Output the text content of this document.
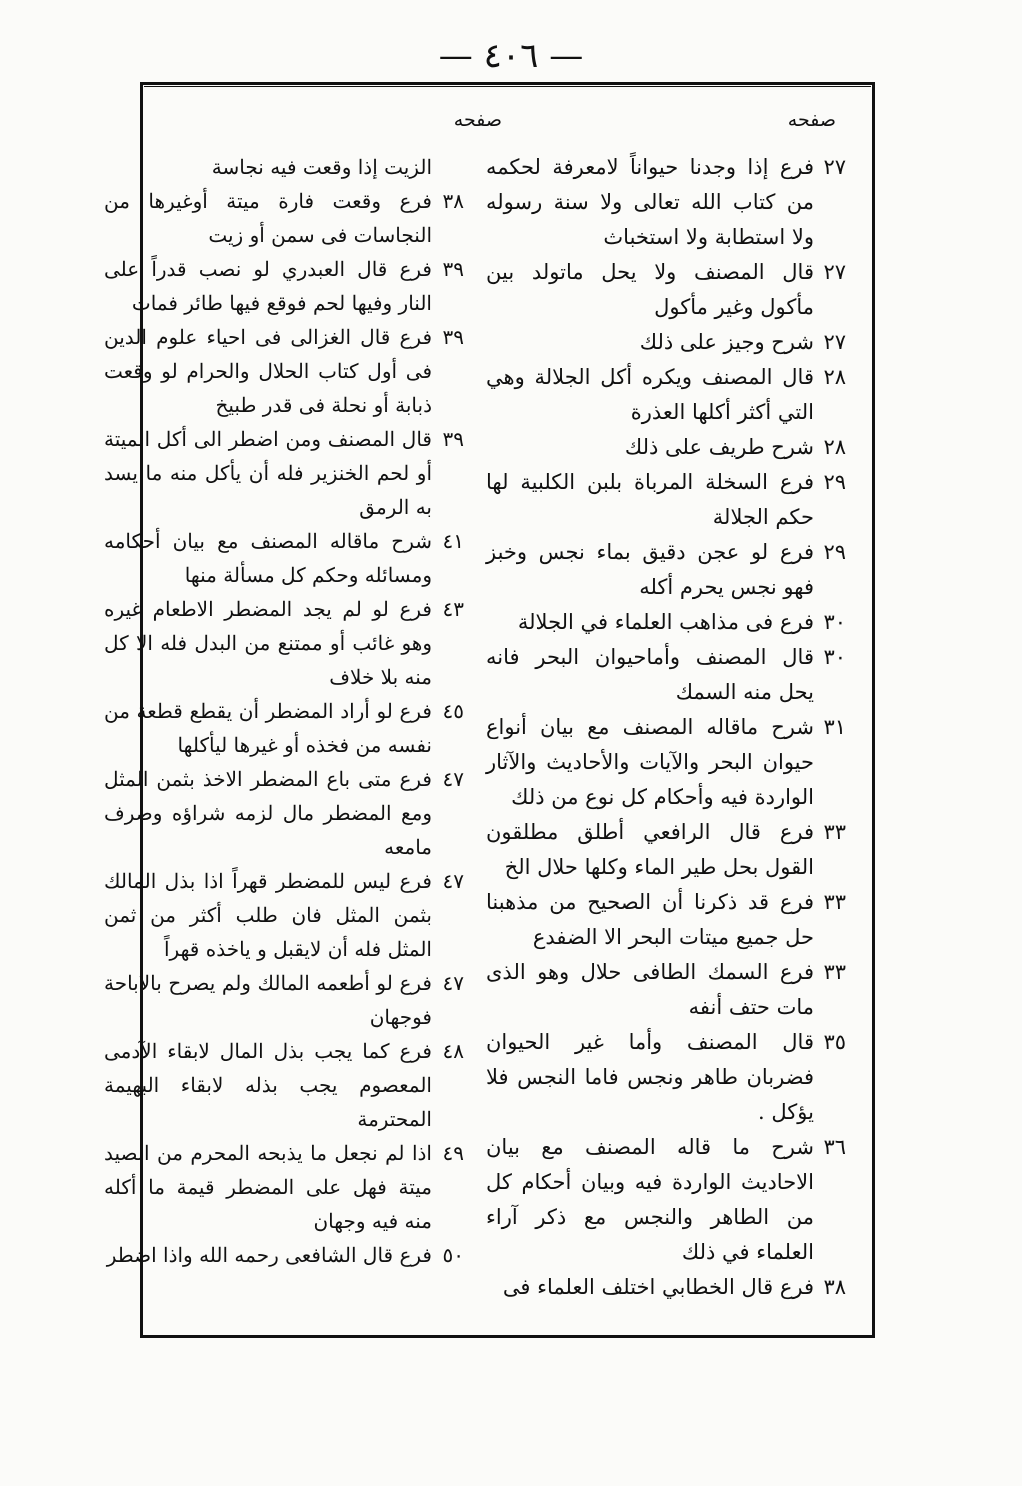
— ٤٠٦ —
صفحه
صفحه
٢٧
فرع إذا وجدنا حيواناً لامعرفة لحكمه من كتاب الله تعالى ولا سنة رسوله ولا استطابة ولا استخباث
٢٧
قال المصنف ولا يحل ماتولد بين مأكول وغير مأكول
٢٧
شرح وجيز على ذلك
٢٨
قال المصنف ويكره أكل الجلالة وهي التي أكثر أكلها العذرة
٢٨
شرح طريف على ذلك
٢٩
فرع السخلة المرباة بلبن الكلبية لها حكم الجلالة
٢٩
فرع لو عجن دقيق بماء نجس وخبز فهو نجس يحرم أكله
٣٠
فرع فى مذاهب العلماء في الجلالة
٣٠
قال المصنف وأماحيوان البحر فانه يحل منه السمك
٣١
شرح ماقاله المصنف مع بيان أنواع حيوان البحر والآيات والأحاديث والآثار الواردة فيه وأحكام كل نوع من ذلك
٣٣
فرع قال الرافعي أطلق مطلقون القول بحل طير الماء وكلها حلال الخ
٣٣
فرع قد ذكرنا أن الصحيح من مذهبنا حل جميع ميتات البحر الا الضفدع
٣٣
فرع السمك الطافى حلال وهو الذى مات حتف أنفه
٣٥
قال المصنف وأما غير الحيوان فضربان طاهر ونجس فاما النجس فلا يؤكل .
٣٦
شرح ما قاله المصنف مع بيان الاحاديث الواردة فيه وبيان أحكام كل من الطاهر والنجس مع ذكر آراء العلماء في ذلك
٣٨
فرع قال الخطابي اختلف العلماء فى
الزيت إذا وقعت فيه نجاسة
٣٨
فرع وقعت فارة ميتة أوغيرها من النجاسات فى سمن أو زيت
٣٩
فرع قال العبدري لو نصب قدراً على النار وفيها لحم فوقع فيها طائر فمات
٣٩
فرع قال الغزالى فى احياء علوم الدين فى أول كتاب الحلال والحرام لو وقعت ذبابة أو نحلة فى قدر طبيخ
٣٩
قال المصنف ومن اضطر الى أكل الميتة أو لحم الخنزير فله أن يأكل منه ما يسد به الرمق
٤١
شرح ماقاله المصنف مع بيان أحكامه ومسائله وحكم كل مسألة منها
٤٣
فرع لو لم يجد المضطر الاطعام غيره وهو غائب أو ممتنع من البدل فله الا كل منه بلا خلاف
٤٥
فرع لو أراد المضطر أن يقطع قطعة من نفسه من فخذه أو غيرها ليأكلها
٤٧
فرع متى باع المضطر الاخذ بثمن المثل ومع المضطر مال لزمه شراؤه وصرف مامعه
٤٧
فرع ليس للمضطر قهراً اذا بذل المالك بثمن المثل فان طلب أكثر من ثمن المثل فله أن لايقبل و ياخذه قهراً
٤٧
فرع لو أطعمه المالك ولم يصرح بالاباحة فوجهان
٤٨
فرع كما يجب بذل المال لابقاء الآدمى المعصوم يجب بذله لابقاء البهيمة المحترمة
٤٩
اذا لم نجعل ما يذبحه المحرم من الصيد ميتة فهل على المضطر قيمة ما أكله منه فيه وجهان
٥٠
فرع قال الشافعى رحمه الله واذا اضطر
